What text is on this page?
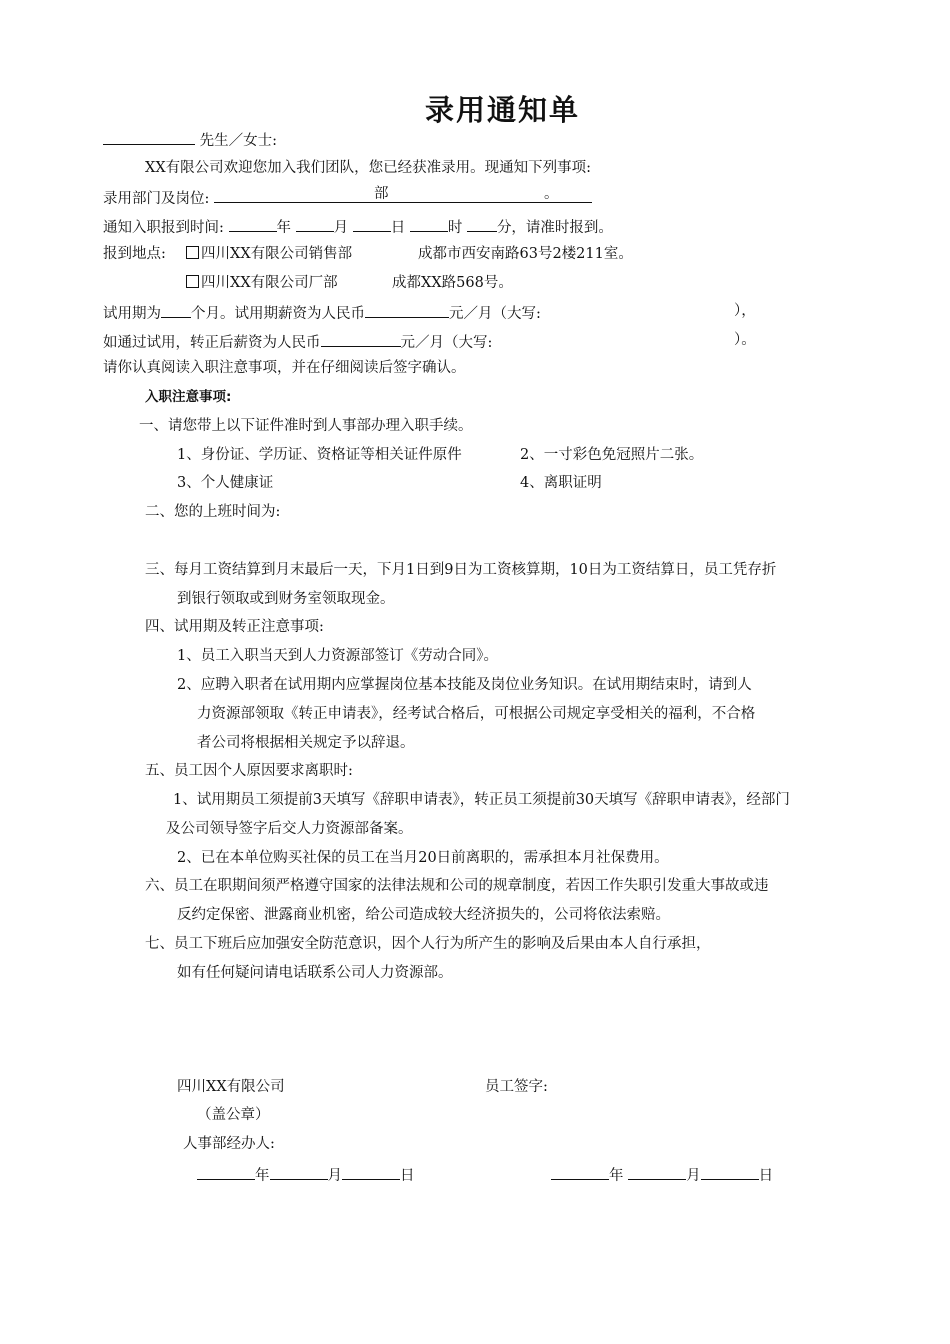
录用通知单
先生／女士:
XX有限公司欢迎您加入我们团队，您已经获准录用。现通知下列事项:
录用部门及岗位:	部	。
通知入职报到时间:	年	月	日	时 分，请准时报到。
报到地点:	四川XX有限公司销售部	成都市西安南路63号2楼211室。
四川XX有限公司厂部	成都XX路568号。
试用期为 个月。试用期薪资为人民币	元／月（大写:	），
如通过试用，转正后薪资为人民币	元／月（大写:	）。
请你认真阅读入职注意事项，并在仔细阅读后签字确认。
入职注意事项:
一、请您带上以下证件准时到人事部办理入职手续。
1、身份证、学历证、资格证等相关证件原件	2、一寸彩色免冠照片二张。
3、个人健康证	4、离职证明
二、您的上班时间为:
三、每月工资结算到月末最后一天，下月1日到9日为工资核算期，10日为工资结算日，员工凭存折
到银行领取或到财务室领取现金。
四、试用期及转正注意事项:
1、员工入职当天到人力资源部签订《劳动合同》。
2、应聘入职者在试用期内应掌握岗位基本技能及岗位业务知识。在试用期结束时，请到人
力资源部领取《转正申请表》，经考试合格后，可根据公司规定享受相关的福利，不合格
者公司将根据相关规定予以辞退。
五、员工因个人原因要求离职时:
1、试用期员工须提前3天填写《辞职申请表》，转正员工须提前30天填写《辞职申请表》，经部门
及公司领导签字后交人力资源部备案。
2、已在本单位购买社保的员工在当月20日前离职的，需承担本月社保费用。
六、员工在职期间须严格遵守国家的法律法规和公司的规章制度，若因工作失职引发重大事故或违
反约定保密、泄露商业机密，给公司造成较大经济损失的，公司将依法索赔。
七、员工下班后应加强安全防范意识，因个人行为所产生的影响及后果由本人自行承担，
如有任何疑问请电话联系公司人力资源部。
四川XX有限公司	员工签字:
（盖公章）
人事部经办人:
年	月	日	年	月	日
